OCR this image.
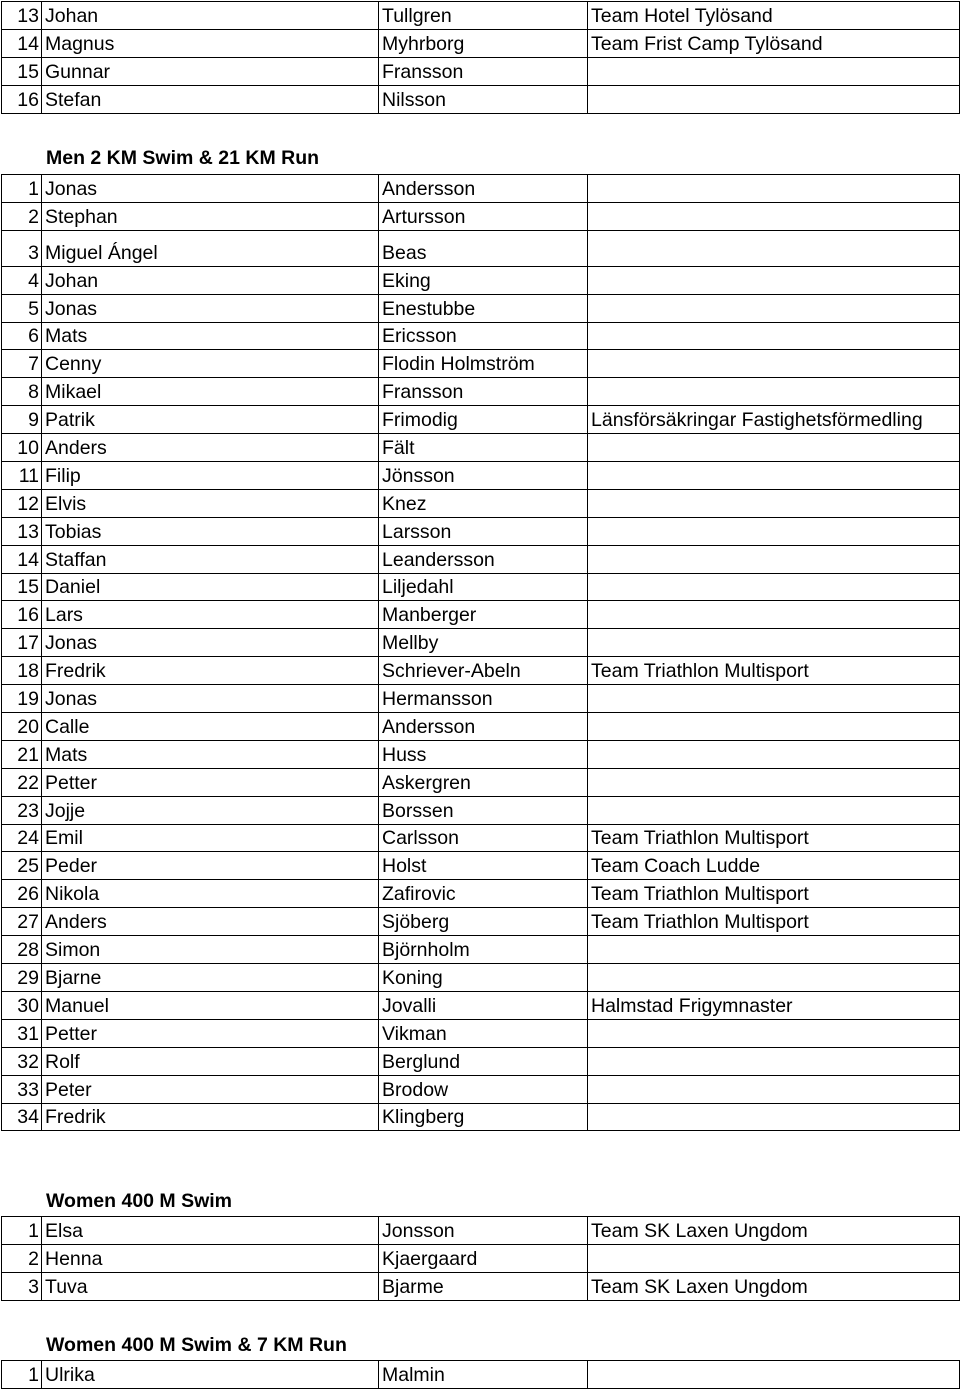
13	Johan	Tullgren	Team Hotel Tylösand
14	Magnus	Myhrborg	Team Frist Camp Tylösand
15	Gunnar	Fransson	
16	Stefan	Nilsson	
Men 2 KM Swim & 21 KM Run
1	Jonas	Andersson	
2	Stephan	Artursson	
3	Miguel Ángel	Beas	
4	Johan	Eking	
5	Jonas	Enestubbe	
6	Mats	Ericsson	
7	Cenny	Flodin Holmström	
8	Mikael	Fransson	
9	Patrik	Frimodig	Länsförsäkringar Fastighetsförmedling
10	Anders	Fält	
11	Filip	Jönsson	
12	Elvis	Knez	
13	Tobias	Larsson	
14	Staffan	Leandersson	
15	Daniel	Liljedahl	
16	Lars	Manberger	
17	Jonas	Mellby	
18	Fredrik	Schriever-Abeln	Team Triathlon Multisport
19	Jonas	Hermansson	
20	Calle	Andersson	
21	Mats	Huss	
22	Petter	Askergren	
23	Jojje	Borssen	
24	Emil	Carlsson	Team Triathlon Multisport
25	Peder	Holst	Team Coach Ludde
26	Nikola	Zafirovic	Team Triathlon Multisport
27	Anders	Sjöberg	Team Triathlon Multisport
28	Simon	Björnholm	
29	Bjarne	Koning	
30	Manuel	Jovalli	Halmstad Frigymnaster
31	Petter	Vikman	
32	Rolf	Berglund	
33	Peter	Brodow	
34	Fredrik	Klingberg	
Women 400 M Swim
1	Elsa	Jonsson	Team SK Laxen Ungdom
2	Henna	Kjaergaard	
3	Tuva	Bjarme	Team SK Laxen Ungdom
Women 400 M Swim & 7 KM Run
1	Ulrika	Malmin	
